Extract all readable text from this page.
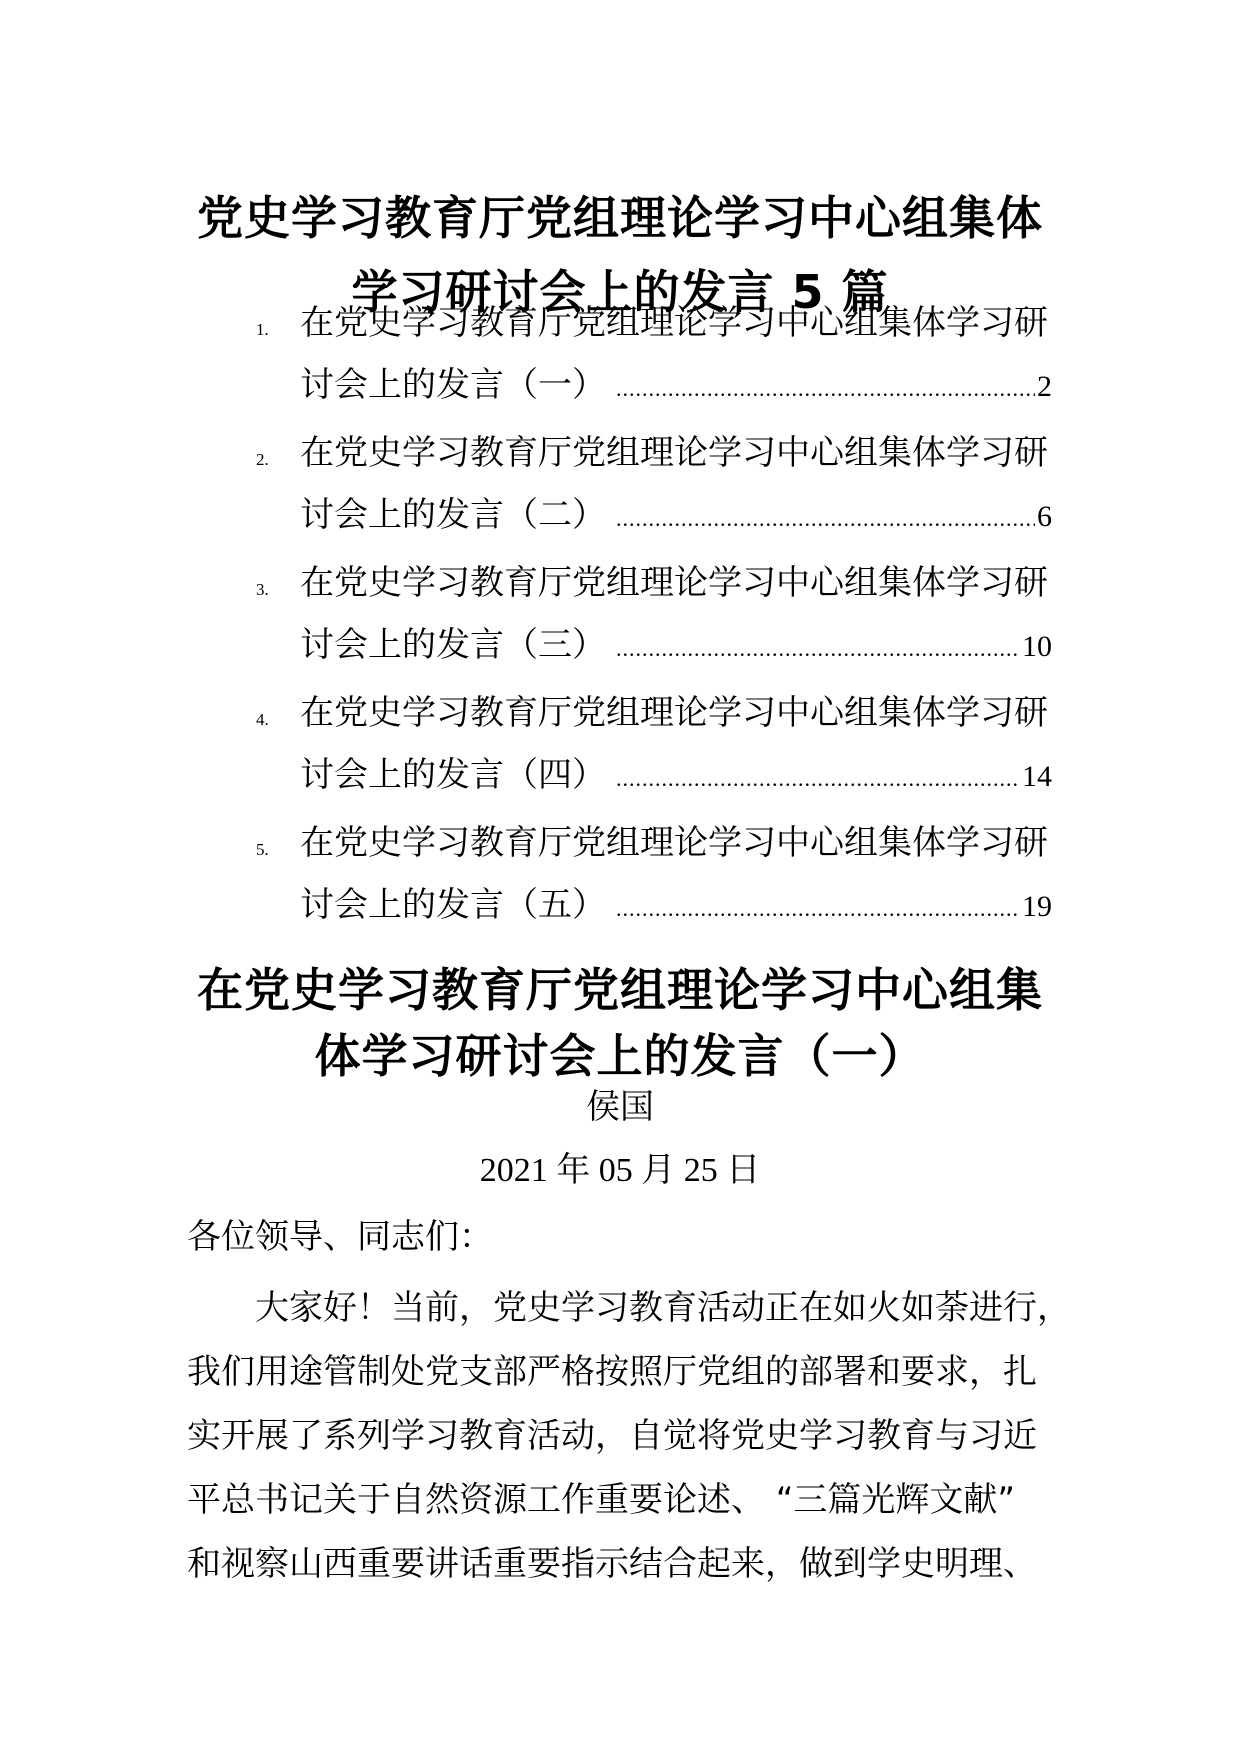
党史学习教育厅党组理论学习中心组集体
学习研讨会上的发言 5 篇
1. 在党史学习教育厅党组理论学习中心组集体学习研
讨会上的发言（一） .....	2
2. 在党史学习教育厅党组理论学习中心组集体学习研
讨会上的发言（二） .....	6
3. 在党史学习教育厅党组理论学习中心组集体学习研
讨会上的发言（三） .....	10
4. 在党史学习教育厅党组理论学习中心组集体学习研
讨会上的发言（四） .....	14
5. 在党史学习教育厅党组理论学习中心组集体学习研
讨会上的发言（五） .....	19
在党史学习教育厅党组理论学习中心组集
体学习研讨会上的发言（一）

侯国

2021 年 05 月 25 日

各位领导、同志们：

大家好！当前，党史学习教育活动正在如火如荼进行，
我们用途管制处党支部严格按照厅党组的部署和要求，扎
实开展了系列学习教育活动，自觉将党史学习教育与习近
平总书记关于自然资源工作重要论述、 “三篇光辉文献”
和视察山西重要讲话重要指示结合起来，做到学史明理、
